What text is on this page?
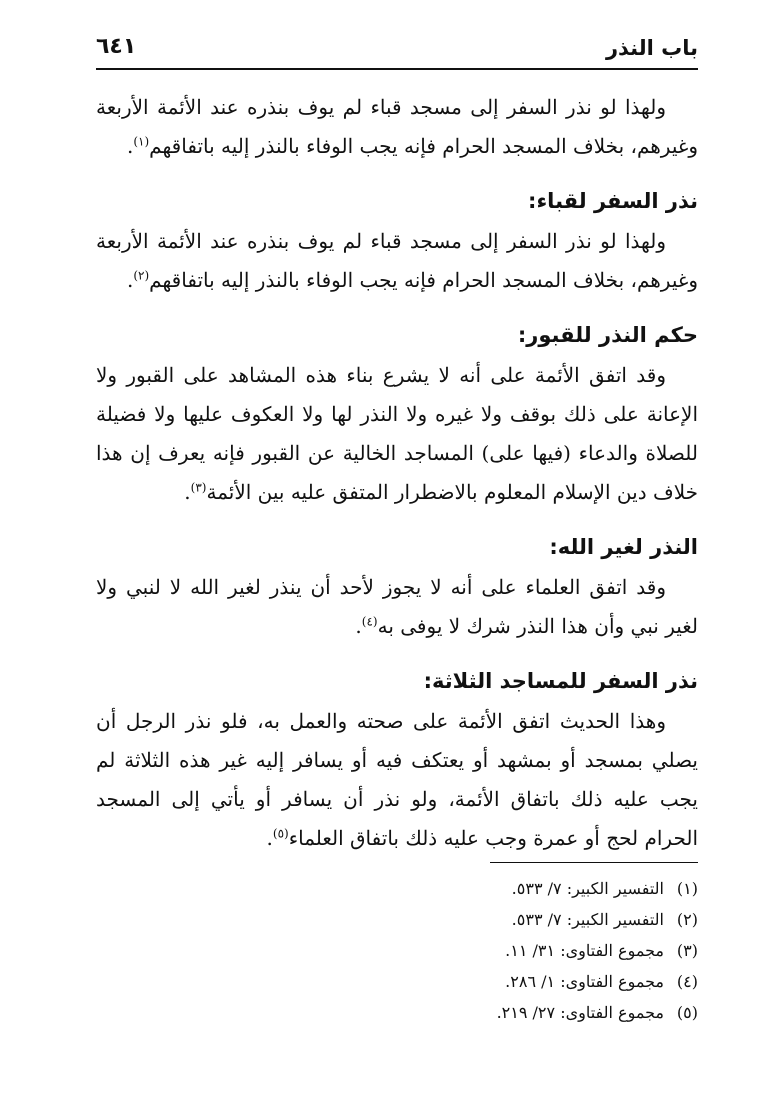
باب النذر
٦٤١

ولهذا لو نذر السفر إلى مسجد قباء لم يوف بنذره عند الأئمة الأربعة وغيرهم، بخلاف المسجد الحرام فإنه يجب الوفاء بالنذر إليه باتفاقهم$^{(١)}$.

نذر السفر لقباء:

ولهذا لو نذر السفر إلى مسجد قباء لم يوف بنذره عند الأئمة الأربعة وغيرهم، بخلاف المسجد الحرام فإنه يجب الوفاء بالنذر إليه باتفاقهم$^{(٢)}$.

حكم النذر للقبور:

وقد اتفق الأئمة على أنه لا يشرع بناء هذه المشاهد على القبور ولا الإعانة على ذلك بوقف ولا غيره ولا النذر لها ولا العكوف عليها ولا فضيلة للصلاة والدعاء (فيها على) المساجد الخالية عن القبور فإنه يعرف إن هذا خلاف دين الإسلام المعلوم بالاضطرار المتفق عليه بين الأئمة$^{(٣)}$.

النذر لغير الله:

وقد اتفق العلماء على أنه لا يجوز لأحد أن ينذر لغير الله لا لنبي ولا لغير نبي وأن هذا النذر شرك لا يوفى به$^{(٤)}$.

نذر السفر للمساجد الثلاثة:

وهذا الحديث اتفق الأئمة على صحته والعمل به، فلو نذر الرجل أن يصلي بمسجد أو بمشهد أو يعتكف فيه أو يسافر إليه غير هذه الثلاثة لم يجب عليه ذلك باتفاق الأئمة، ولو نذر أن يسافر أو يأتي إلى المسجد الحرام لحج أو عمرة وجب عليه ذلك باتفاق العلماء$^{(٥)}$.

(١)التفسير الكبير: ٧/ ٥٣٣.
(٢)التفسير الكبير: ٧/ ٥٣٣.
(٣)مجموع الفتاوى: ٣١/ ١١.
(٤)مجموع الفتاوى: ١/ ٢٨٦.
(٥)مجموع الفتاوى: ٢٧/ ٢١٩.
